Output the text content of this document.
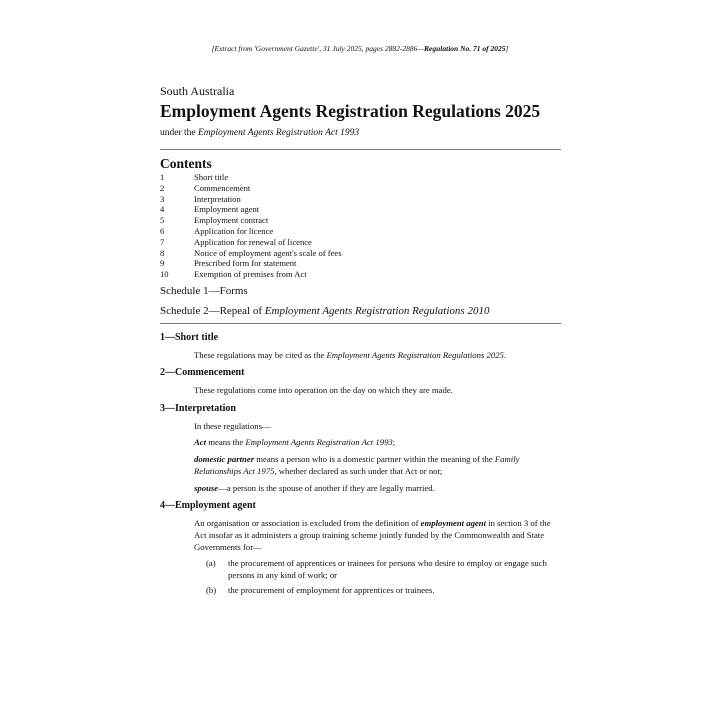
[Extract from 'Government Gazette', 31 July 2025, pages 2882-2886—Regulation No. 71 of 2025]
South Australia
Employment Agents Registration Regulations 2025
under the Employment Agents Registration Act 1993
Contents
1	Short title
2	Commencement
3	Interpretation
4	Employment agent
5	Employment contract
6	Application for licence
7	Application for renewal of licence
8	Notice of employment agent's scale of fees
9	Prescribed form for statement
10	Exemption of premises from Act
Schedule 1—Forms
Schedule 2—Repeal of Employment Agents Registration Regulations 2010
1—Short title
These regulations may be cited as the Employment Agents Registration Regulations 2025.
2—Commencement
These regulations come into operation on the day on which they are made.
3—Interpretation
In these regulations—
Act means the Employment Agents Registration Act 1993;
domestic partner means a person who is a domestic partner within the meaning of the Family Relationships Act 1975, whether declared as such under that Act or not;
spouse—a person is the spouse of another if they are legally married.
4—Employment agent
An organisation or association is excluded from the definition of employment agent in section 3 of the Act insofar as it administers a group training scheme jointly funded by the Commonwealth and State Governments for—
(a) the procurement of apprentices or trainees for persons who desire to employ or engage such persons in any kind of work; or
(b) the procurement of employment for apprentices or trainees.
